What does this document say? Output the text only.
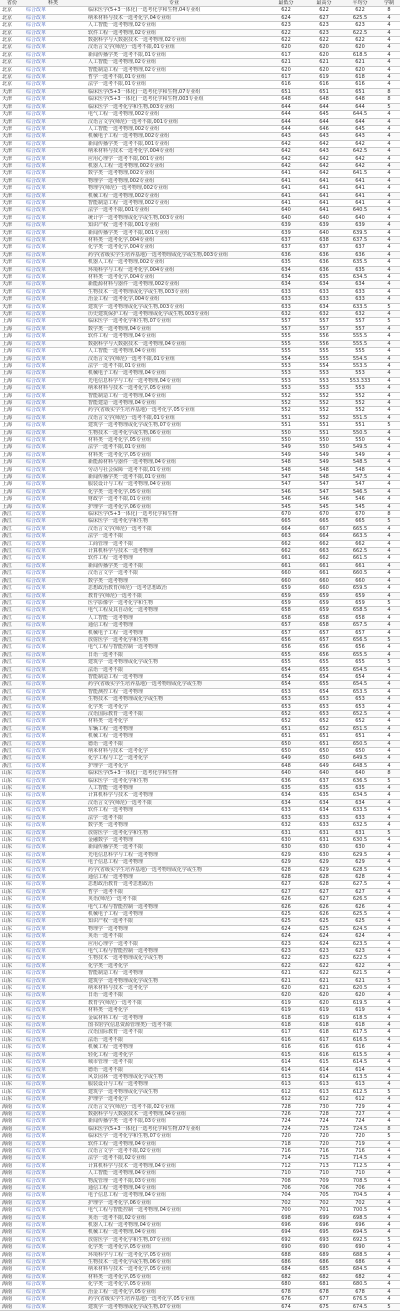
省份	科类	专业	最低分	最高分	平均分	学制
北京	综合改革	临床医学(5+3一体化)一选考化学和生物,04专业组	622	622	622	8
北京	综合改革	纳米材料与技术一选考化学,04专业组	624	627	625.5	4
北京	综合改革	人工智能一选考物理,02专业组	623	623	623	4
北京	综合改革	软件工程一选考物理,02专业组	622	623	622.5	4
北京	综合改革	数据科学与大数据技术一选考物理,02专业组	622	622	622	4
北京	综合改革	汉语言文学(师范)一选考不限,01专业组	620	620	620	4
北京	综合改革	新闻传播学类一选考不限,01专业组	617	620	618.5	4
北京	综合改革	人工智能一选考物理,02专业组	621	621	621	4
北京	综合改革	智能制造工程一选考物理,02专业组	620	620	620	4
北京	综合改革	哲学一选考不限,01专业组	617	619	618	4
北京	综合改革	法学一选考不限,01专业组	616	616	616	4
天津	综合改革	临床医学(5+3一体化)一选考化学和生物,07专业组	651	651	651	8
天津	综合改革	临床医学(5+3一体化)一选考化学和生物,003专业组	648	648	648	8
天津	综合改革	临床医学一选考化学和生物,003专业组	644	644	644	5
天津	综合改革	电气工程一选考物理,002专业组	644	645	644.5	4
天津	综合改革	汉语言文学(师范)一选考不限,001专业组	644	644	644	4
天津	综合改革	人工智能一选考物理,002专业组	644	646	645	4
天津	综合改革	机械电子工程一选考物理,002专业组	643	643	643	4
天津	综合改革	新闻传播学类一选考不限,001专业组	642	642	642	4
天津	综合改革	纳米材料与技术一选考化学,004专业组	642	643	642.5	4
天津	综合改革	应用心理学一选考不限,001专业组	642	642	642	4
天津	综合改革	机器人工程一选考物理,002专业组	642	642	642	4
天津	综合改革	数学类一选考物理,002专业组	641	642	641.5	4
天津	综合改革	物理学一选考物理,002专业组	641	641	641	4
天津	综合改革	物理学(师范)一选考物理,002专业组	641	641	641	4
天津	综合改革	机械工程一选考物理,002专业组	641	641	641	4
天津	综合改革	智能制造工程一选考物理,002专业组	641	641	641	4
天津	综合改革	法学一选考不限,001专业组	640	641	640.5	4
天津	综合改革	统计学一选考物理或化学或生物,003专业组	640	640	640	4
天津	综合改革	知识产权一选考不限,001专业组	639	639	639	4
天津	综合改革	新闻传播学类一选考不限,001专业组	639	640	639.5	4
天津	综合改革	材料类一选考化学,004专业组	637	638	637.5	4
天津	综合改革	化学类一选考化学,004专业组	637	637	637	4
天津	综合改革	药学(省级实学生培养基地)一选考物理或化学或生物,003专业组	636	636	636	4
天津	综合改革	机器人工程一选考物理,002专业组	635	636	635.5	4
天津	综合改革	环境科学与工程一选考化学,004专业组	634	636	635	4
天津	综合改革	材料类一选考化学,004专业组	634	635	634.5	4
天津	综合改革	新能源材料与器件一选考物理,002专业组	634	634	634	4
天津	综合改革	生物技术一选考物理或化学或生物,003专业组	633	633	633	4
天津	综合改革	治金工程一选考化学,004专业组	633	633	633	4
天津	综合改革	建筑学一选考物理或化学或生物,003专业组	633	634	633.5	5
天津	综合改革	历史建筑保护工程一选考物理或化学或生物,003专业组	632	632	632	4
上海	综合改革	临床医学一选考化学和生物,07专业组	557	557	557	5
上海	综合改革	数学类一选考物理,04专业组	557	557	557	4
上海	综合改革	软件工程一选考物理,04专业组	555	556	555.5	4
上海	综合改革	数据科学与大数据技术一选考物理,04专业组	555	556	555.5	4
上海	综合改革	人工智能一选考物理,04专业组	555	555	555	4
上海	综合改革	汉语言文学(师范)一选考不限,01专业组	554	555	554.5	4
上海	综合改革	法学一选考不限,01专业组	553	554	553.5	4
上海	综合改革	机械电子工程一选考物理,04专业组	553	553	553	4
上海	综合改革	光电信息科学与工程一选考物理,04专业组	553	553	553.333	4
上海	综合改革	纳米材料与技术一选考化学,05专业组	553	553	553	4
上海	综合改革	智能制造工程一选考物理,04专业组	552	552	552	4
上海	综合改革	智能建造一选考物理,04专业组	552	552	552	4
上海	综合改革	药学(省级实学生培养基地)一选考化学,05专业组	552	552	552	4
上海	综合改革	汉语言文学(师范)一选考不限,01专业组	551	552	551.5	4
上海	综合改革	建筑学一选考物理或化学或生物,07专业组	551	551	551	5
上海	综合改革	生物技术一选考化学或生物,06专业组	550	551	550.5	4
上海	综合改革	材料类一选考化学,05专业组	550	550	550	4
上海	综合改革	法学一选考不限,01专业组	549	550	549.5	4
上海	综合改革	材料类一选考化学,05专业组	549	549	549	4
上海	综合改革	新能源材料与器件一选考物理,04专业组	548	549	548.5	4
上海	综合改革	劳动与社会保障一选考不限,01专业组	548	548	548	4
上海	综合改革	新闻传播学类一选考不限,01专业组	547	548	547.5	4
上海	综合改革	服装设计与工程一选考物理,04专业组	547	547	547	4
上海	综合改革	化学类一选考化学,05专业组	546	547	546.5	4
上海	综合改革	财政学一选考不限,01专业组	546	546	546	4
上海	综合改革	护理学一选考化学,06专业组	545	545	545	4
浙江	综合改革	临床医学(5+3一体化)一选考化学和生物	670	670	670	8
浙江	综合改革	临床医学一选考化学和生物	665	665	665	5
浙江	综合改革	汉语言文学(师范)一选考不限	664	667	665.5	4
浙江	综合改革	法学一选考不限	663	664	663.5	4
浙江	综合改革	工商管理一选考不限	662	662	662	4
浙江	综合改革	计算机科学与技术一选考物理	662	663	662.5	4
浙江	综合改革	软件工程一选考物理	661	662	661.5	4
浙江	综合改革	新闻传播学类一选考不限	661	661	661	4
浙江	综合改革	汉语言文学一选考不限	660	661	660.5	4
浙江	综合改革	数学类一选考物理	660	660	660	4
浙江	综合改革	思想政治教育(师范)一选考思想政治	659	660	659.5	4
浙江	综合改革	教育学(师范)一选考不限	659	659	659	4
浙江	综合改革	医学影像学一选考化学和生物	659	659	659	5
浙江	综合改革	电气工程及其自动化一选考物理	658	659	658.5	4
浙江	综合改革	人工智能一选考物理	658	658	658	4
浙江	综合改革	通信工程一选考物理	657	658	657.5	4
浙江	综合改革	机械电子工程一选考物理	657	657	657	4
浙江	综合改革	放射医学一选考化学和生物	656	657	656.5	5
浙江	综合改革	电气工程与智能控制一选考物理	656	656	656	4
浙江	综合改革	日语一选考不限	655	656	655.5	4
浙江	综合改革	建筑学一选考物理或化学或生物	655	655	655	5
浙江	综合改革	法语一选考不限	654	655	654.5	4
浙江	综合改革	智能制造工程一选考物理	654	654	654	4
浙江	综合改革	药学(省级实学生培养基地)一选考物理或化学或生物	654	655	654.5	4
浙江	综合改革	智能测控工程一选考物理	653	654	653.5	4
浙江	综合改革	生物技术一选考物理或化学或生物	653	653	653	4
浙江	综合改革	化学类一选考化学	653	653	653	4
浙江	综合改革	汉语国际教育一选考不限	652	653	652.5	4
浙江	综合改革	材料类一选考化学	652	652	652	4
浙江	综合改革	车辆工程一选考物理	651	652	651.5	4
浙江	综合改革	机械工程一选考物理	651	651	651	4
浙江	综合改革	德语一选考不限	650	651	650.5	4
浙江	综合改革	纳米材料与技术一选考化学	650	650	650	4
浙江	综合改革	化学工程与工艺一选考化学	649	650	649.5	4
浙江	综合改革	护理学一选考化学	648	649	648.5	4
山东	综合改革	临床医学(5+3一体化)一选考化学和生物	640	640	640	8
山东	综合改革	临床医学一选考化学和生物	636	637	636.5	5
山东	综合改革	人工智能一选考物理	635	635	635	4
山东	综合改革	计算机科学与技术一选考物理	634	635	634.5	4
山东	综合改革	汉语言文学(师范)一选考不限	634	634	634	4
山东	综合改革	软件工程一选考物理	633	634	633.5	4
山东	综合改革	法学一选考不限	633	633	633	4
山东	综合改革	数学类一选考物理	632	633	632.5	4
山东	综合改革	放射医学一选考化学和生物	631	631	631	5
山东	综合改革	金融数学一选考物理	630	631	630.5	4
山东	综合改革	新闻传播学类一选考不限	630	630	630	4
山东	综合改革	光电信息科学与工程一选考物理	629	630	629.5	4
山东	综合改革	电子信息工程一选考物理	629	629	629	4
山东	综合改革	药学(省级实学生培养基地)一选考物理或化学或生物	628	629	628.5	4
山东	综合改革	通信工程一选考物理	628	628	628	4
山东	综合改革	思想政治教育一选考思想政治	627	628	627.5	4
山东	综合改革	哲学一选考不限	627	627	627	4
山东	综合改革	英语(师范)一选考不限	626	627	626.5	4
山东	综合改革	电气工程与智能控制一选考物理	626	626	626	4
山东	综合改革	机械电子工程一选考物理	625	626	625.5	4
山东	综合改革	知识产权一选考不限	625	625	625	4
山东	综合改革	物理学一选考物理	624	625	624.5	4
山东	综合改革	英语一选考不限	624	624	624	4
山东	综合改革	应用心理学一选考不限	623	624	623.5	4
山东	综合改革	电气工程与智能控制一选考物理	623	623	623	4
山东	综合改革	生物技术一选考物理或化学或生物	622	623	622.5	4
山东	综合改革	化学类一选考化学	622	622	622	4
山东	综合改革	智能制造工程一选考物理	621	622	621.5	4
山东	综合改革	建筑学一选考物理或化学或生物	621	621	621	5
山东	综合改革	纳米材料与技术一选考化学	620	621	620.5	4
山东	综合改革	日语一选考不限	620	620	620	4
山东	综合改革	教育学(师范)一选考不限	619	620	619.5	4
山东	综合改革	材料类一选考化学	619	619	619	4
山东	综合改革	金属材料工程一选考物理	618	619	618.5	4
山东	综合改革	图书馆学(信息资源管理类)一选考不限	618	618	618	4
山东	综合改革	汉语国际教育一选考不限	617	618	617.5	4
山东	综合改革	法语一选考不限	616	617	616.5	4
山东	综合改革	机械工程一选考物理	616	616	616	4
山东	综合改革	轻化工程一选考化学	615	616	615.5	4
山东	综合改革	城市管理一选考不限	614	615	614.5	4
山东	综合改革	德语一选考不限	614	614	614	4
山东	综合改革	风景园林一选考物理或化学或生物	613	614	613.5	4
山东	综合改革	服装设计与工程一选考物理	613	613	613	4
山东	综合改革	建筑学一选考物理或化学或生物	612	613	612.5	5
山东	综合改革	护理学一选考化学	612	612	612	4
海南	综合改革	汉语言文学(师范)一选考不限,02专业组	728	730	729	4
海南	综合改革	数据科学与大数据技术一选考物理,04专业组	726	728	727	4
海南	综合改革	新闻传播学类一选考不限,03专业组	724	724	724	4
海南	综合改革	临床医学(5+3一体化)一选考化学和生物,07专业组	724	725	724.5	8
海南	综合改革	临床医学一选考化学和生物,07专业组	720	720	720	5
海南	综合改革	软件工程一选考物理,04专业组	718	720	719	4
海南	综合改革	汉语言文学一选考不限,02专业组	716	716	716	4
海南	综合改革	法学一选考不限,02专业组	714	715	714.5	4
海南	综合改革	计算机科学与技术一选考物理,04专业组	712	713	712.5	4
海南	综合改革	人工智能一选考物理,04专业组	710	710	710	4
海南	综合改革	物流管理一选考不限,03专业组	708	709	708.5	4
海南	综合改革	通信工程一选考物理,04专业组	706	706	706	4
海南	综合改革	电子信息工程一选考物理,04专业组	704	705	704.5	4
海南	综合改革	护理学一选考化学,06专业组	702	702	702	4
海南	综合改革	电气工程与智能控制一选考物理,04专业组	700	701	700.5	4
海南	综合改革	英语一选考不限,02专业组	698	699	698.5	4
海南	综合改革	机器人工程一选考物理,04专业组	696	696	696	4
海南	综合改革	机械工程一选考物理,04专业组	694	695	694.5	4
海南	综合改革	放射医学一选考化学和生物,07专业组	692	693	692.5	5
海南	综合改革	化学类一选考化学,05专业组	690	690	690	4
海南	综合改革	环境科学与工程一选考化学,05专业组	688	689	688.5	4
海南	综合改革	生物技术一选考化学或生物,06专业组	686	686	686	4
海南	综合改革	纳米材料与技术一选考化学,05专业组	684	685	684.5	4
海南	综合改革	材料类一选考化学,05专业组	682	682	682	4
海南	综合改革	化学类一选考化学,05专业组	680	681	680.5	4
海南	综合改革	治金工程一选考化学,05专业组	678	678	678	4
海南	综合改革	药学(省级实学生培养基地)一选考化学,05专业组	676	677	676.5	4
海南	综合改革	建筑学一选考物理或化学或生物,07专业组	674	675	674.5	5
